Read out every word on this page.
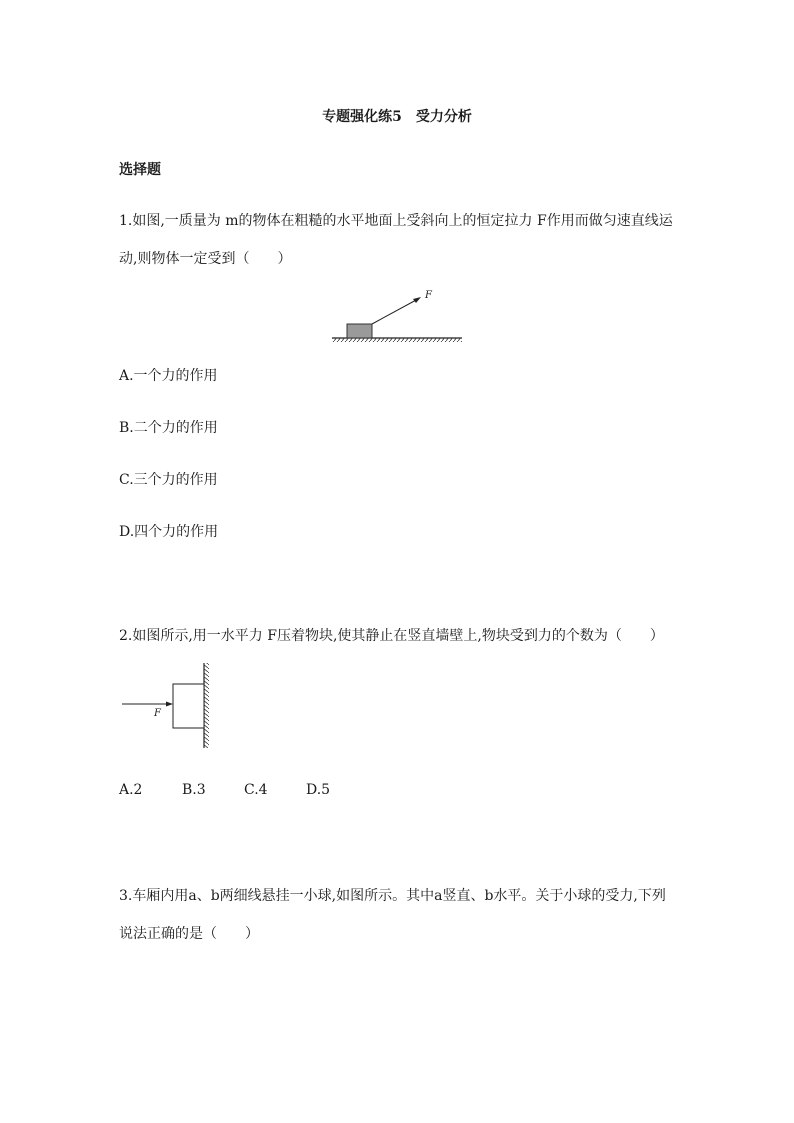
专题强化练5　受力分析
选择题
1.如图,一质量为 m的物体在粗糙的水平地面上受斜向上的恒定拉力 F作用而做匀速直线运
动,则物体一定受到（　　）
F
A.一个力的作用
B.二个力的作用
C.三个力的作用
D.四个力的作用
2.如图所示,用一水平力 F压着物块,使其静止在竖直墙壁上,物块受到力的个数为（　　）
F
A.2	B.3	C.4	D.5
3.车厢内用a、b两细线悬挂一小球,如图所示。其中a竖直、b水平。关于小球的受力,下列
说法正确的是（　　）
